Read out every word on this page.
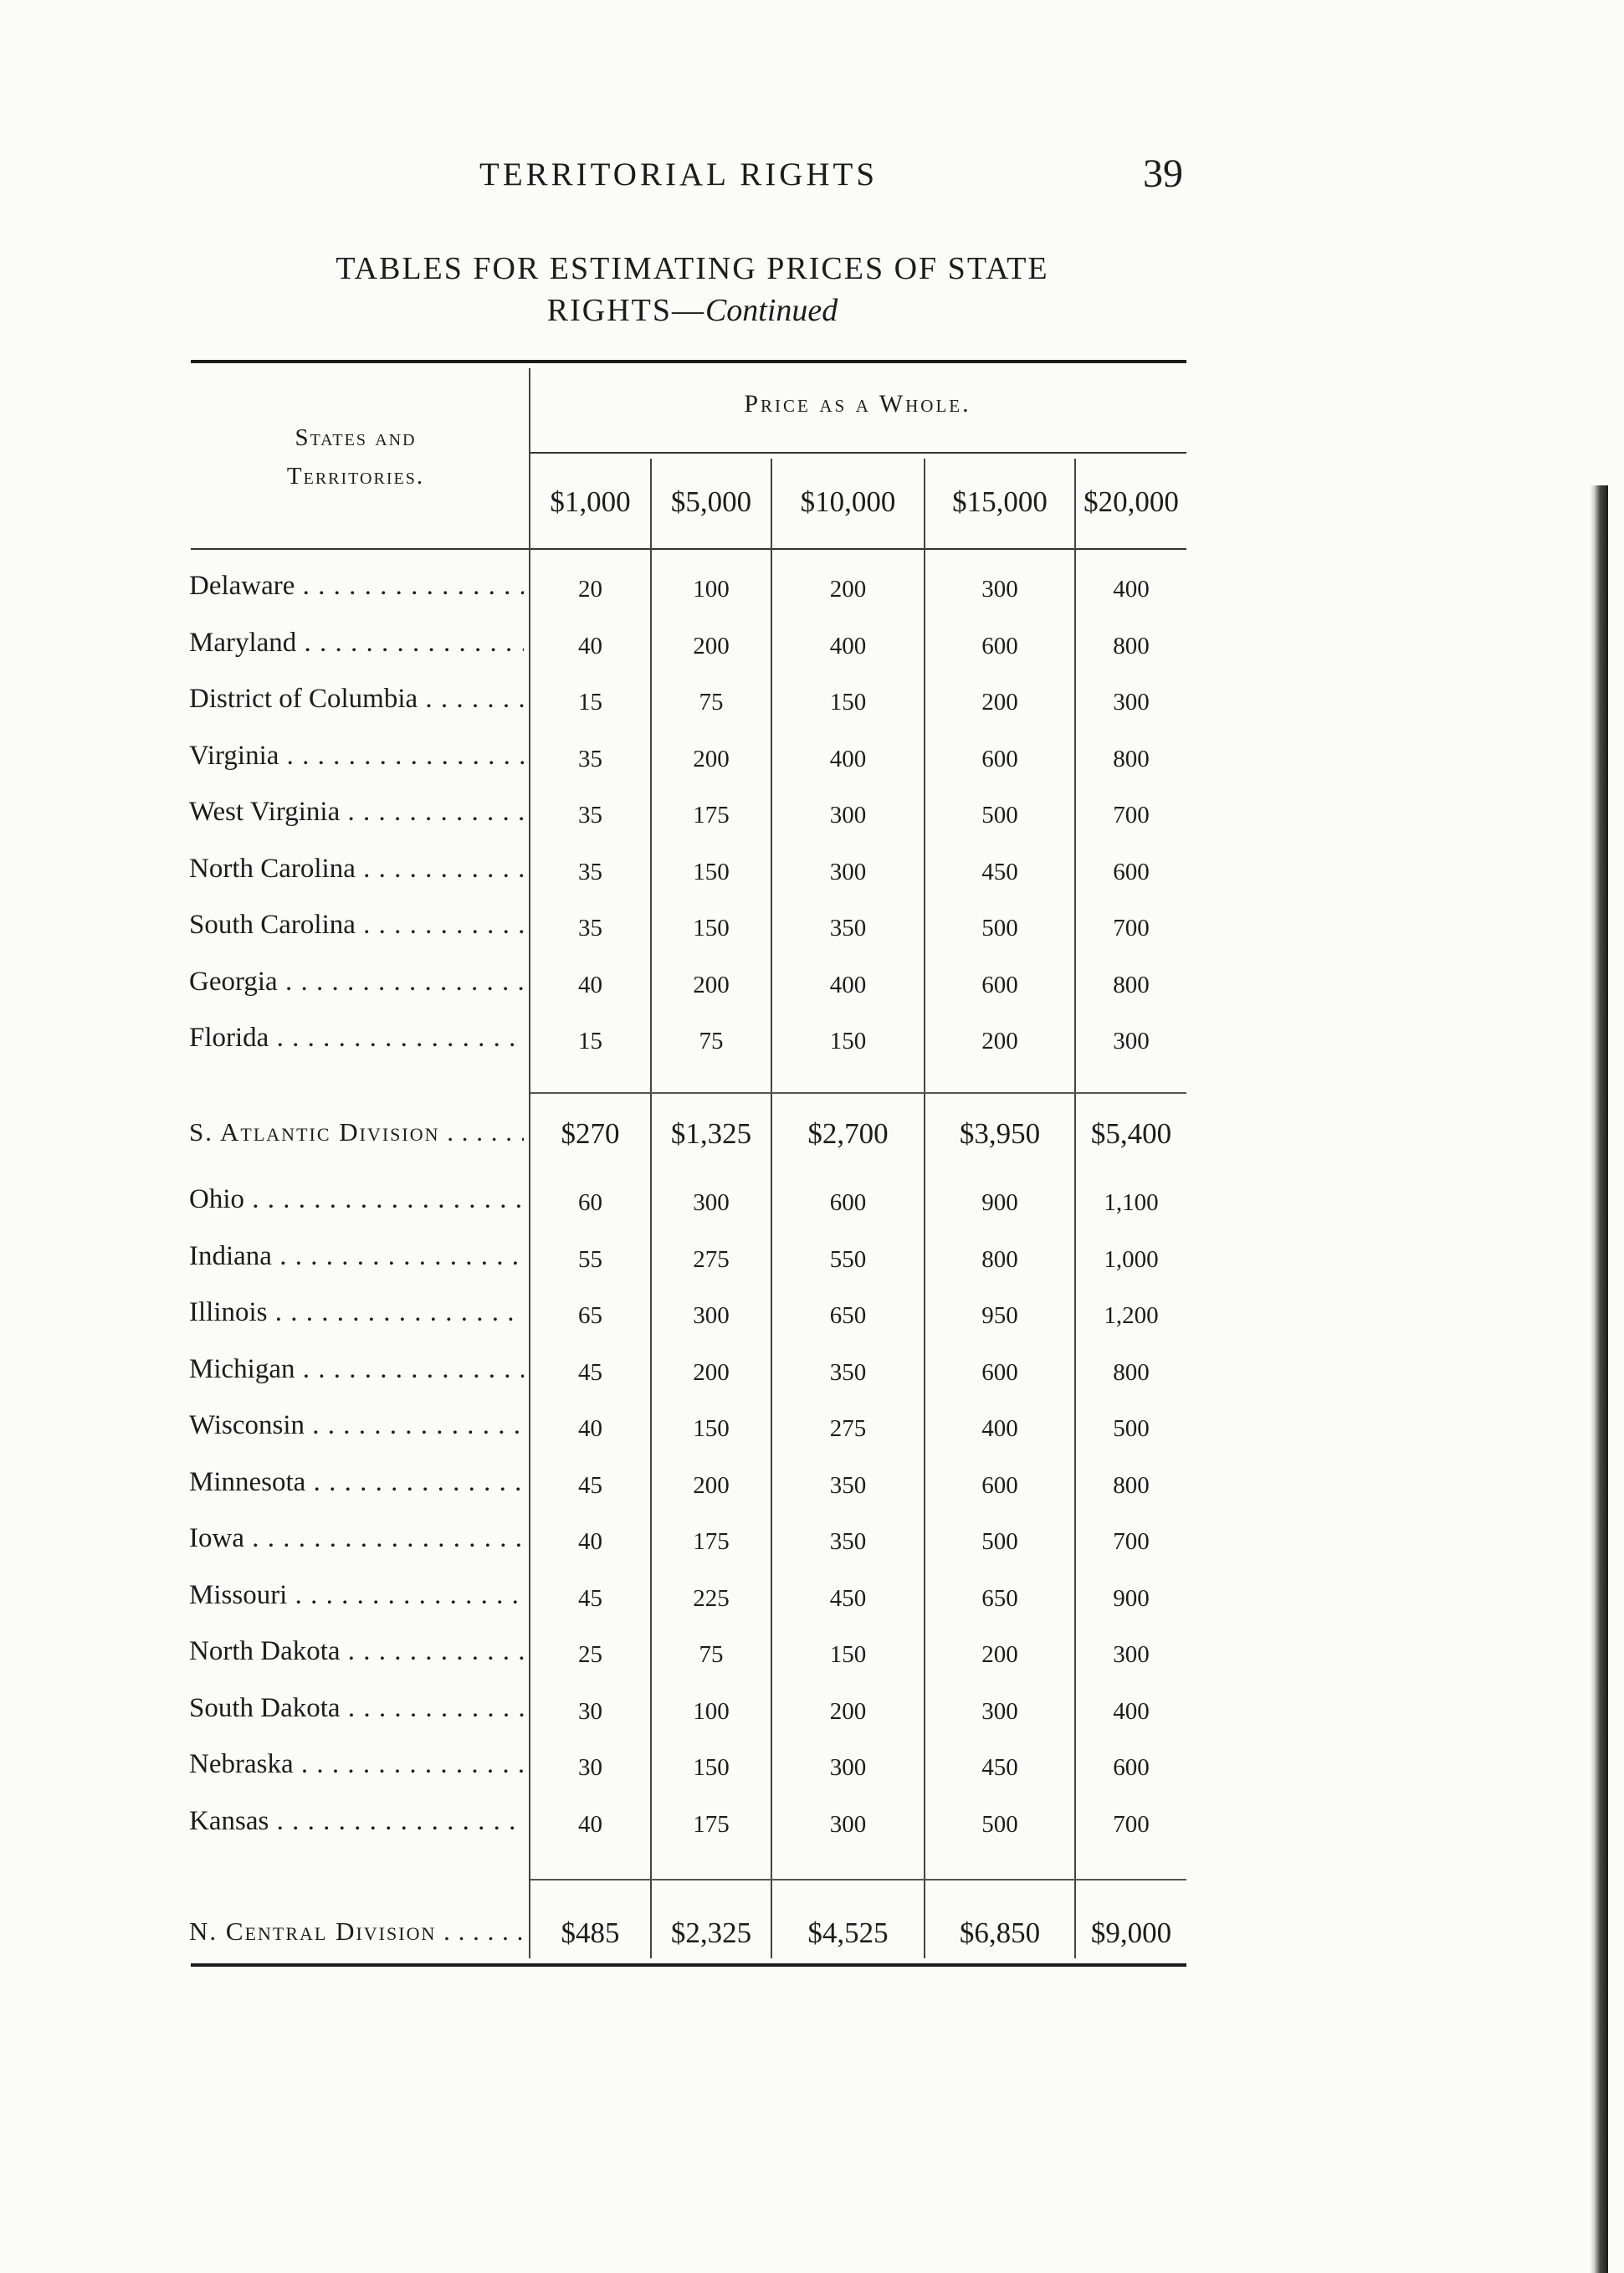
TERRITORIAL RIGHTS	39
TABLES FOR ESTIMATING PRICES OF STATE
RIGHTS—Continued
States and
Territories.
Price as a Whole.
$1,000	$5,000	$10,000	$15,000	$20,000
Delaware . . .	20	100	200	300	400
Maryland . . .	40	200	400	600	800
District of Columbia . . .	15	75	150	200	300
Virginia . . .	35	200	400	600	800
West Virginia . . .	35	175	300	500	700
North Carolina . . .	35	150	300	450	600
South Carolina . . .	35	150	350	500	700
Georgia . . .	40	200	400	600	800
Florida . . .	15	75	150	200	300
S. Atlantic Division . . .	$270	$1,325	$2,700	$3,950	$5,400
Ohio . . .	60	300	600	900	1,100
Indiana . . .	55	275	550	800	1,000
Illinois . . .	65	300	650	950	1,200
Michigan . . .	45	200	350	600	800
Wisconsin . . .	40	150	275	400	500
Minnesota . . .	45	200	350	600	800
Iowa . . .	40	175	350	500	700
Missouri . . .	45	225	450	650	900
North Dakota . . .	25	75	150	200	300
South Dakota . . .	30	100	200	300	400
Nebraska . . .	30	150	300	450	600
Kansas . . .	40	175	300	500	700
N. Central Division . . .	$485	$2,325	$4,525	$6,850	$9,000
